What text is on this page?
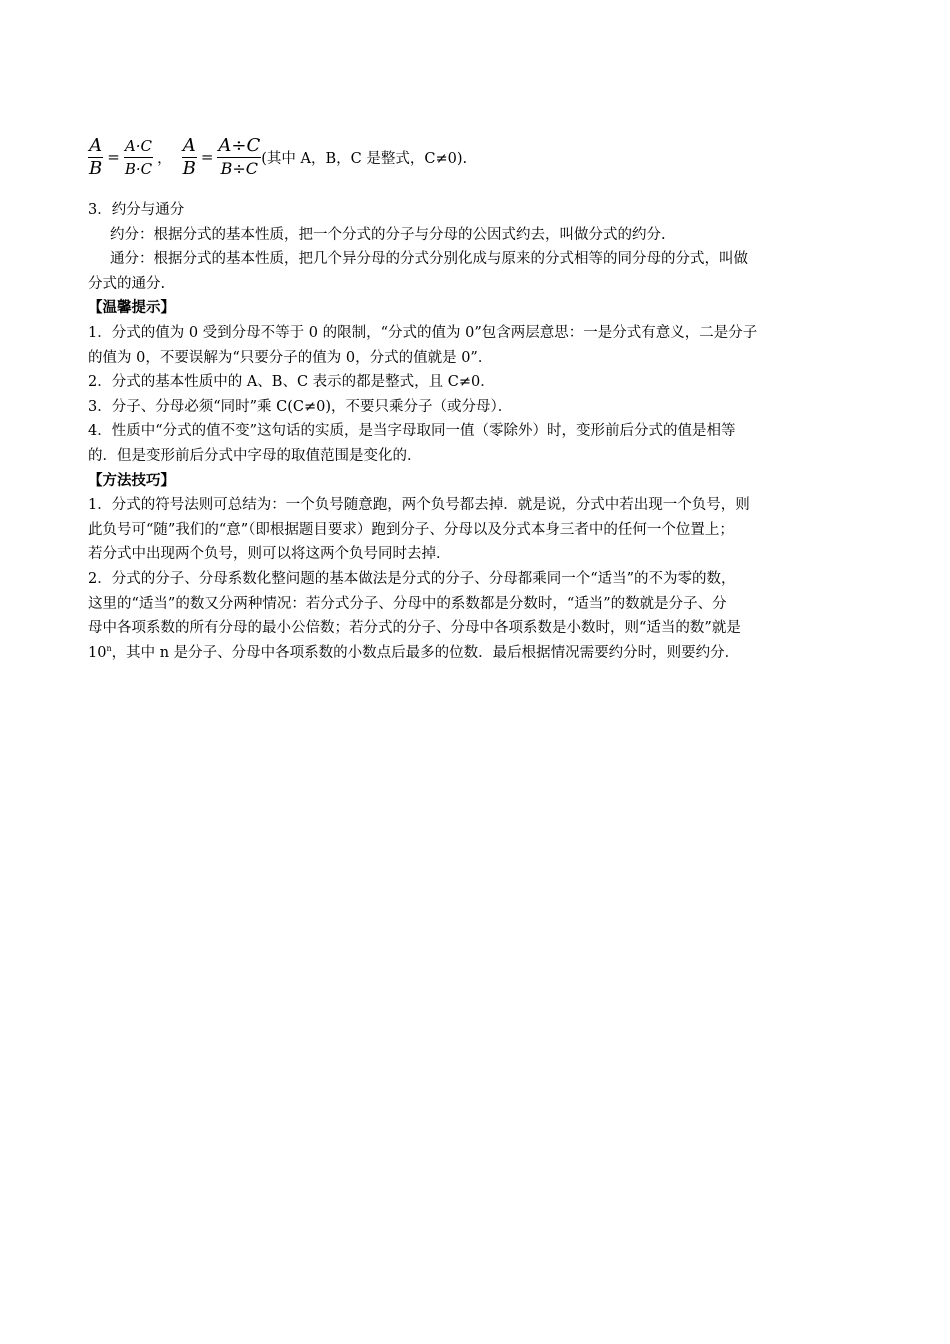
$\frac{A}{B} = \frac{A\cdot C}{B\cdot C}$ ， $\frac{A}{B} = \frac{A\div C}{B\div C}$ (其中 A，B，C 是整式，C≠0).
3．约分与通分
约分：根据分式的基本性质，把一个分式的分子与分母的公因式约去，叫做分式的约分.
通分：根据分式的基本性质，把几个异分母的分式分别化成与原来的分式相等的同分母的分式，叫做
分式的通分.
【温馨提示】
1．分式的值为 0 受到分母不等于 0 的限制，“分式的值为 0”包含两层意思：一是分式有意义，二是分子
的值为 0，不要误解为“只要分子的值为 0，分式的值就是 0”．
2．分式的基本性质中的 A、B、C 表示的都是整式，且 C≠0．
3．分子、分母必须“同时”乘 C(C≠0)，不要只乘分子（或分母）．
4．性质中“分式的值不变”这句话的实质，是当字母取同一值（零除外）时，变形前后分式的值是相等
的．但是变形前后分式中字母的取值范围是变化的．
【方法技巧】
1．分式的符号法则可总结为：一个负号随意跑，两个负号都去掉．就是说，分式中若出现一个负号，则
此负号可“随”我们的“意”（即根据题目要求）跑到分子、分母以及分式本身三者中的任何一个位置上；
若分式中出现两个负号，则可以将这两个负号同时去掉．
2．分式的分子、分母系数化整问题的基本做法是分式的分子、分母都乘同一个“适当”的不为零的数，
这里的“适当”的数又分两种情况：若分式分子、分母中的系数都是分数时，“适当”的数就是分子、分
母中各项系数的所有分母的最小公倍数；若分式的分子、分母中各项系数是小数时，则“适当的数”就是
10$^n$，其中 n 是分子、分母中各项系数的小数点后最多的位数．最后根据情况需要约分时，则要约分．
